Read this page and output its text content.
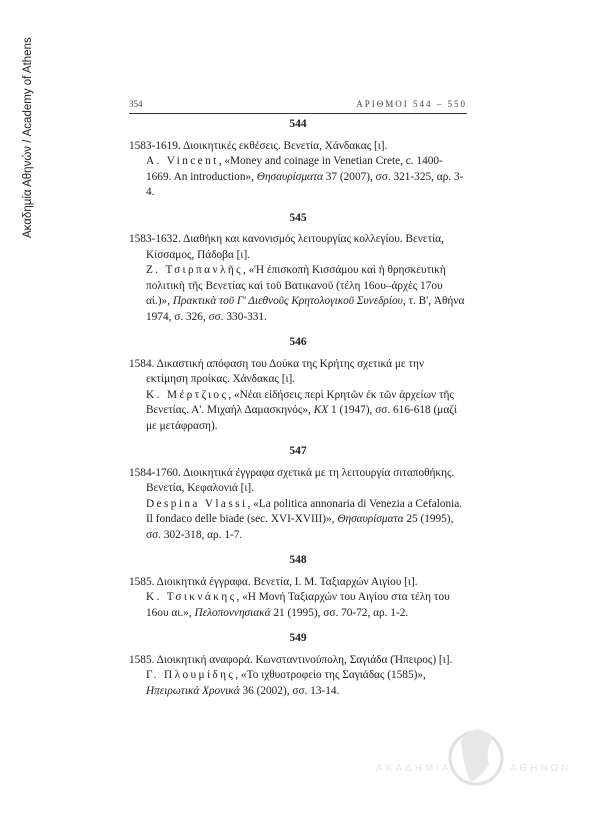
Ακαδημία Αθηνών / Academy of Athens	354	ΑΡΙΘΜΟΙ 544 – 550
544
1583-1619. Διοικητικές εκθέσεις. Βενετία, Χάνδακας [ι].
A. Vincent, «Money and coinage in Venetian Crete, c. 1400-1669. An introduction», Θησαυρίσματα 37 (2007), σσ. 321-325, αρ. 3-4.
545
1583-1632. Διαθήκη και κανονισμός λειτουργίας κολλεγίου. Βενετία, Κίσσαμος, Πάδοβα [ι].
Ζ. Τσιρπανλῆς, «Ἡ ἐπισκοπὴ Κισσάμου καὶ ἡ θρησκευτικὴ πολιτικὴ τῆς Βενετίας καὶ τοῦ Βατικανοῦ (τέλη 16ου–ἀρχὲς 17ου αἰ.)», Πρακτικὰ τοῦ Γ' Διεθνοῦς Κρητολογικοῦ Συνεδρίου, τ. Β', Ἀθήνα 1974, σ. 326, σσ. 330-331.
546
1584. Δικαστική απόφαση του Δούκα της Κρήτης σχετικά με την εκτίμηση προίκας. Χάνδακας [ι].
Κ. Μέρτζιος, «Νέαι εἰδήσεις περὶ Κρητῶν ἐκ τῶν ἀρχείων τῆς Βενετίας. Α'. Μιχαὴλ Δαμασκηνός», ΚΧ 1 (1947), σσ. 616-618 (μαζί με μετάφραση).
547
1584-1760. Διοικητικά έγγραφα σχετικά με τη λειτουργία σιταποθήκης. Βενετία, Κεφαλονιά [ι].
Despina Vlassi, «La politica annonaria di Venezia a Cefalonia. Il fondaco delle biade (sec. XVI-XVIII)», Θησαυρίσματα 25 (1995), σσ. 302-318, αρ. 1-7.
548
1585. Διοικητικά έγγραφα. Βενετία, Ι. Μ. Ταξιαρχών Αιγίου [ι].
Κ. Τσικνάκης, «Η Μονή Ταξιαρχών του Αιγίου στα τέλη του 16ου αι.», Πελοποννησιακά 21 (1995), σσ. 70-72, αρ. 1-2.
549
1585. Διοικητική αναφορά. Κωνσταντινούπολη, Σαγιάδα (Ήπειρος) [ι].
Γ. Πλουμίδης, «Το ιχθυοτροφείο της Σαγιάδας (1585)», Ηπειρωτικά Χρονικά 36 (2002), σσ. 13-14.
ΑΚΑΔΗΜΙΑ	ΑΘΗΝΩΝ
